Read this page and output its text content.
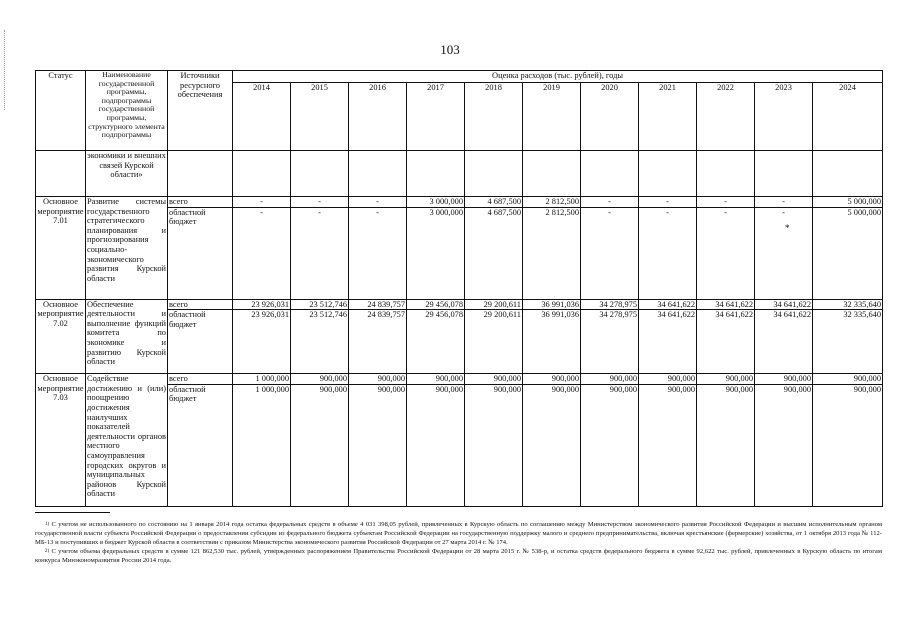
103
Статус	Наименование государственной программы, подпрограммы государственной программы, структурного элемента подпрограммы	Источники ресурсного обеспечения	Оценка расходов (тыс. рублей), годы										
			2014	2015	2016	2017	2018	2019	2020	2021	2022	2023	2024
	экономики и внешних связей Курской области»												
Основное мероприятие 7.01	Развитие системы государственного стратегического планирования и прогнозирования социально-экономического развития Курской области	всего	-	-	-	3 000,000	4 687,500	2 812,500	-	-	-	-	5 000,000
		областной бюджет	-	-	-	3 000,000	4 687,500	2 812,500	-	-	-	-	5 000,000
Основное мероприятие 7.02	Обеспечение деятельности и выполнение функций комитета по экономике и развитию Курской области	всего	23 926,031	23 512,746	24 839,757	29 456,078	29 200,611	36 991,036	34 278,975	34 641,622	34 641,622	34 641,622	32 335,640
		областной бюджет	23 926,031	23 512,746	24 839,757	29 456,078	29 200,611	36 991,036	34 278,975	34 641,622	34 641,622	34 641,622	32 335,640
Основное мероприятие 7.03	Содействие достижению и (или) поощрению достижения наилучших показателей деятельности органов местного самоуправления городских округов и муниципальных районов Курской области	всего	1 000,000	900,000	900,000	900,000	900,000	900,000	900,000	900,000	900,000	900,000	900,000
		областной бюджет	1 000,000	900,000	900,000	900,000	900,000	900,000	900,000	900,000	900,000	900,000	900,000
*

$^{1)}$ С учетом не использованного по состоянию на 1 января 2014 года остатка федеральных средств в объеме 4 031 398,05 рублей, привлеченных в Курскую область по соглашению между Министерством экономического развития Российской Федерации и высшим исполнительным органом государственной власти субъекта Российской Федерации о предоставлении субсидии из федерального бюджета субъектам Российской Федерации на государственную поддержку малого и среднего предпринимательства, включая крестьянские (фермерские) хозяйства, от 1 октября 2013 года № 112-МБ-13 и поступивших в бюджет Курской области в соответствии с приказом Министерства экономического развития Российской Федерации от 27 марта 2014 г. № 174.

$^{2)}$ С учетом объема федеральных средств в сумме 121 862,530 тыс. рублей, утвержденных распоряжением Правительства Российской Федерации от 28 марта 2015 г. № 538-р, и остатка средств федерального бюджета в сумме 92,622 тыс. рублей, привлеченных в Курскую область по итогам конкурса Минэкономразвития России 2014 года.
